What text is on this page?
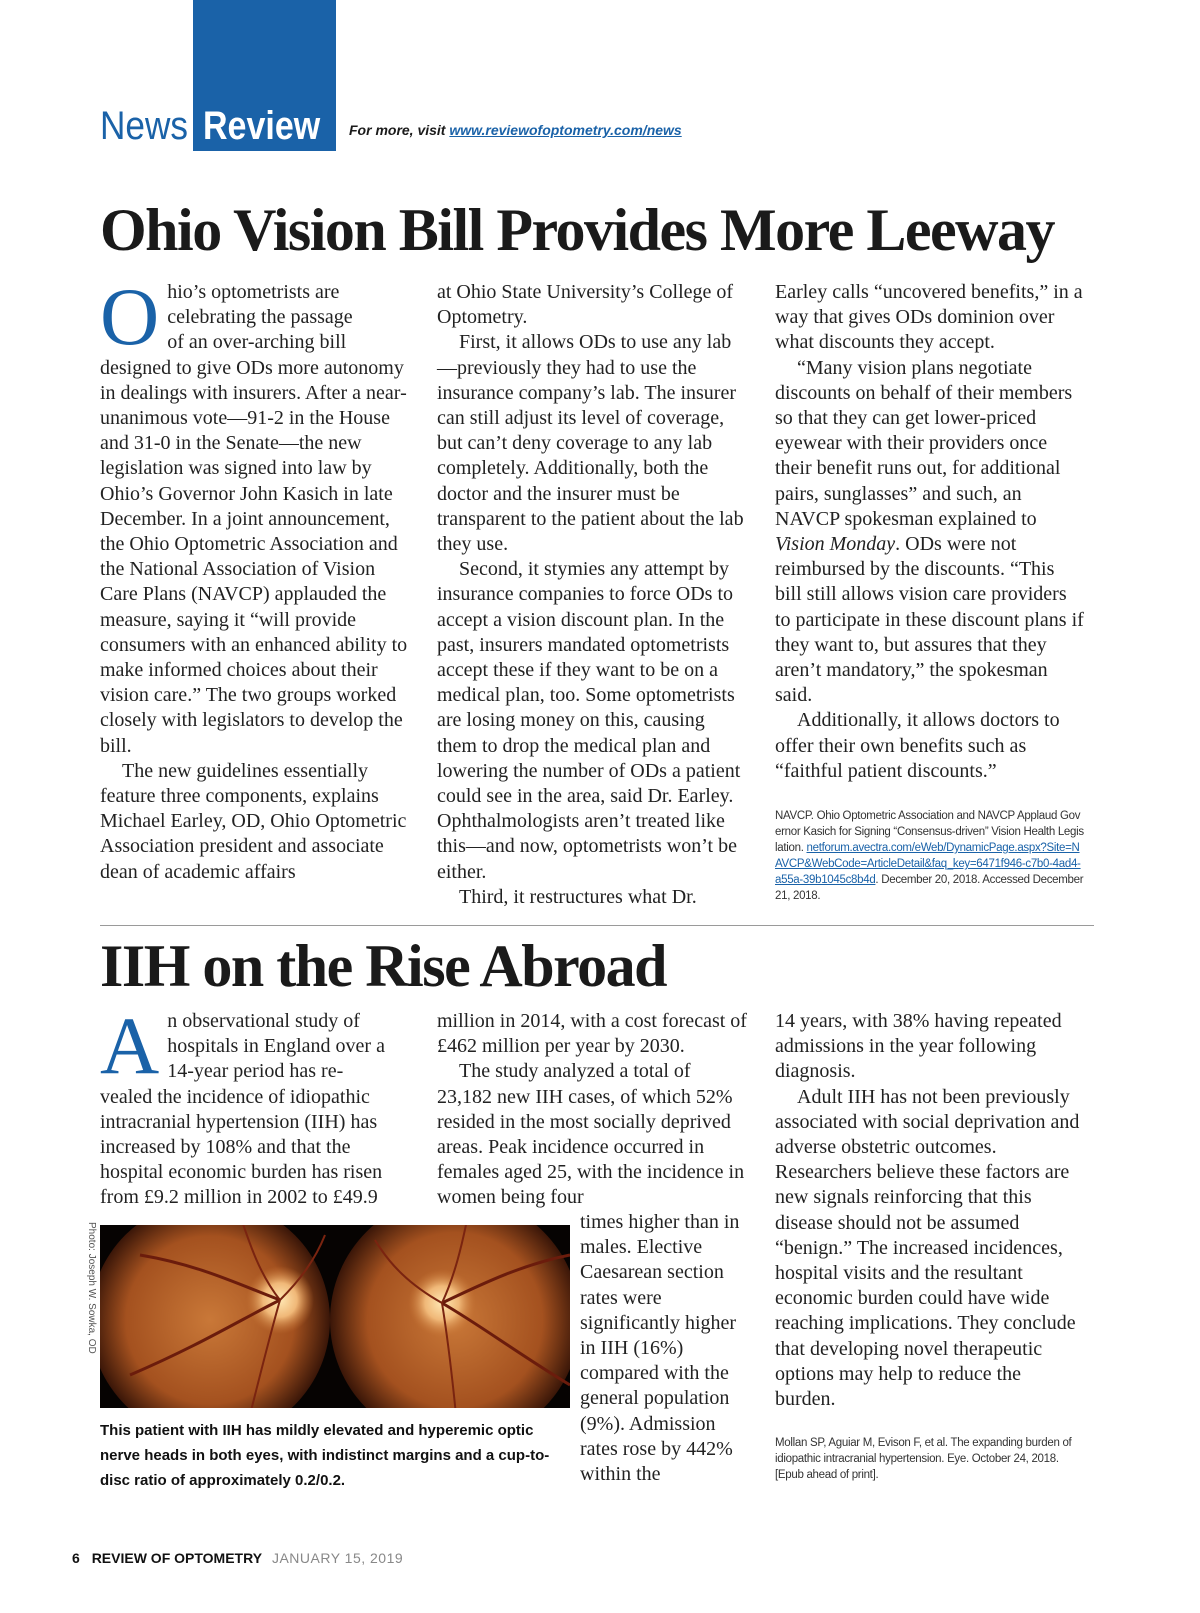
News Review For more, visit www.reviewofoptometry.com/news
Ohio Vision Bill Provides More Leeway
O hio’s optometrists are
celebrating the passage
of an over-arching bill

designed to give ODs more autonomy in dealings with insurers. After a near-unanimous vote—91-2 in the House and 31-0 in the Senate—the new legislation was signed into law by Ohio’s Governor John Kasich in late December. In a joint announcement, the Ohio Optometric Association and the National Association of Vision Care Plans (NAVCP) applauded the measure, saying it “will provide consumers with an enhanced ability to make informed choices about their vision care.” The two groups worked closely with legislators to develop the bill.

The new guidelines essentially feature three components, explains Michael Earley, OD, Ohio Optometric Association president and associate dean of academic affairs

at Ohio State University’s College of Optometry.

First, it allows ODs to use any lab—previously they had to use the insurance company’s lab. The insurer can still adjust its level of coverage, but can’t deny coverage to any lab completely. Additionally, both the doctor and the insurer must be transparent to the patient about the lab they use.

Second, it stymies any attempt by insurance companies to force ODs to accept a vision discount plan. In the past, insurers mandated optometrists accept these if they want to be on a medical plan, too. Some optometrists are losing money on this, causing them to drop the medical plan and lowering the number of ODs a patient could see in the area, said Dr. Earley. Ophthalmologists aren’t treated like this—and now, optometrists won’t be either.

Third, it restructures what Dr.

Earley calls “uncovered benefits,” in a way that gives ODs dominion over what discounts they accept.

“Many vision plans negotiate discounts on behalf of their members so that they can get lower-priced eyewear with their providers once their benefit runs out, for additional pairs, sunglasses” and such, an NAVCP spokesman explained to Vision Monday. ODs were not reimbursed by the discounts. “This bill still allows vision care providers to participate in these discount plans if they want to, but assures that they aren’t mandatory,” the spokesman said.

Additionally, it allows doctors to offer their own benefits such as “faithful patient discounts.”

NAVCP. Ohio Optometric Association and NAVCP Applaud Governor Kasich for Signing “Consensus-driven” Vision Health Legislation. netforum.avectra.com/eWeb/DynamicPage.aspx?Site=NAVCP&WebCode=ArticleDetail&faq_key=6471f946-c7b0-4ad4-a55a-39b1045c8b4d. December 20, 2018. Accessed December 21, 2018.
IIH on the Rise Abroad
A n observational study of
hospitals in England over a
14-year period has re-

vealed the incidence of idiopathic intracranial hypertension (IIH) has increased by 108% and that the hospital economic burden has risen from £9.2 million in 2002 to £49.9

million in 2014, with a cost forecast of £462 million per year by 2030.

The study analyzed a total of 23,182 new IIH cases, of which 52% resided in the most socially deprived areas. Peak incidence occurred in females aged 25, with the incidence in women being four

times higher than in males. Elective Caesarean section rates were significantly higher in IIH (16%) compared with the general population (9%). Admission rates rose by 442% within the

14 years, with 38% having repeated admissions in the year following diagnosis.

Adult IIH has not been previously associated with social deprivation and adverse obstetric outcomes. Researchers believe these factors are new signals reinforcing that this disease should not be assumed “benign.” The increased incidences, hospital visits and the resultant economic burden could have wide reaching implications. They conclude that developing novel therapeutic options may help to reduce the burden.

Mollan SP, Aguiar M, Evison F, et al. The expanding burden of idiopathic intracranial hypertension. Eye. October 24, 2018. [Epub ahead of print].
Photo: Joseph W. Sowka, OD
This patient with IIH has mildly elevated and hyperemic optic nerve heads in both eyes, with indistinct margins and a cup-to-disc ratio of approximately 0.2/0.2.
6 REVIEW OF OPTOMETRY JANUARY 15, 2019
